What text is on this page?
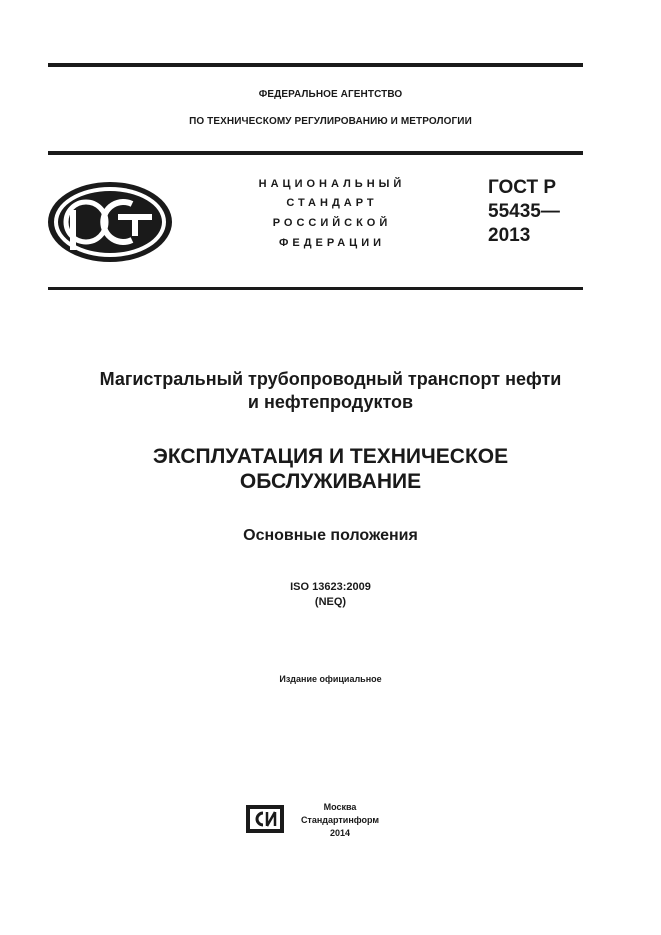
ФЕДЕРАЛЬНОЕ АГЕНТСТВО
ПО ТЕХНИЧЕСКОМУ РЕГУЛИРОВАНИЮ И МЕТРОЛОГИИ
НАЦИОНАЛЬНЫЙ
СТАНДАРТ
РОССИЙСКОЙ
ФЕДЕРАЦИИ
ГОСТ Р
55435—
2013
Магистральный трубопроводный транспорт нефти
и нефтепродуктов
ЭКСПЛУАТАЦИЯ И ТЕХНИЧЕСКОЕ
ОБСЛУЖИВАНИЕ
Основные положения
ISO 13623:2009
(NEQ)
Издание официальное
Москва
Стандартинформ
2014
